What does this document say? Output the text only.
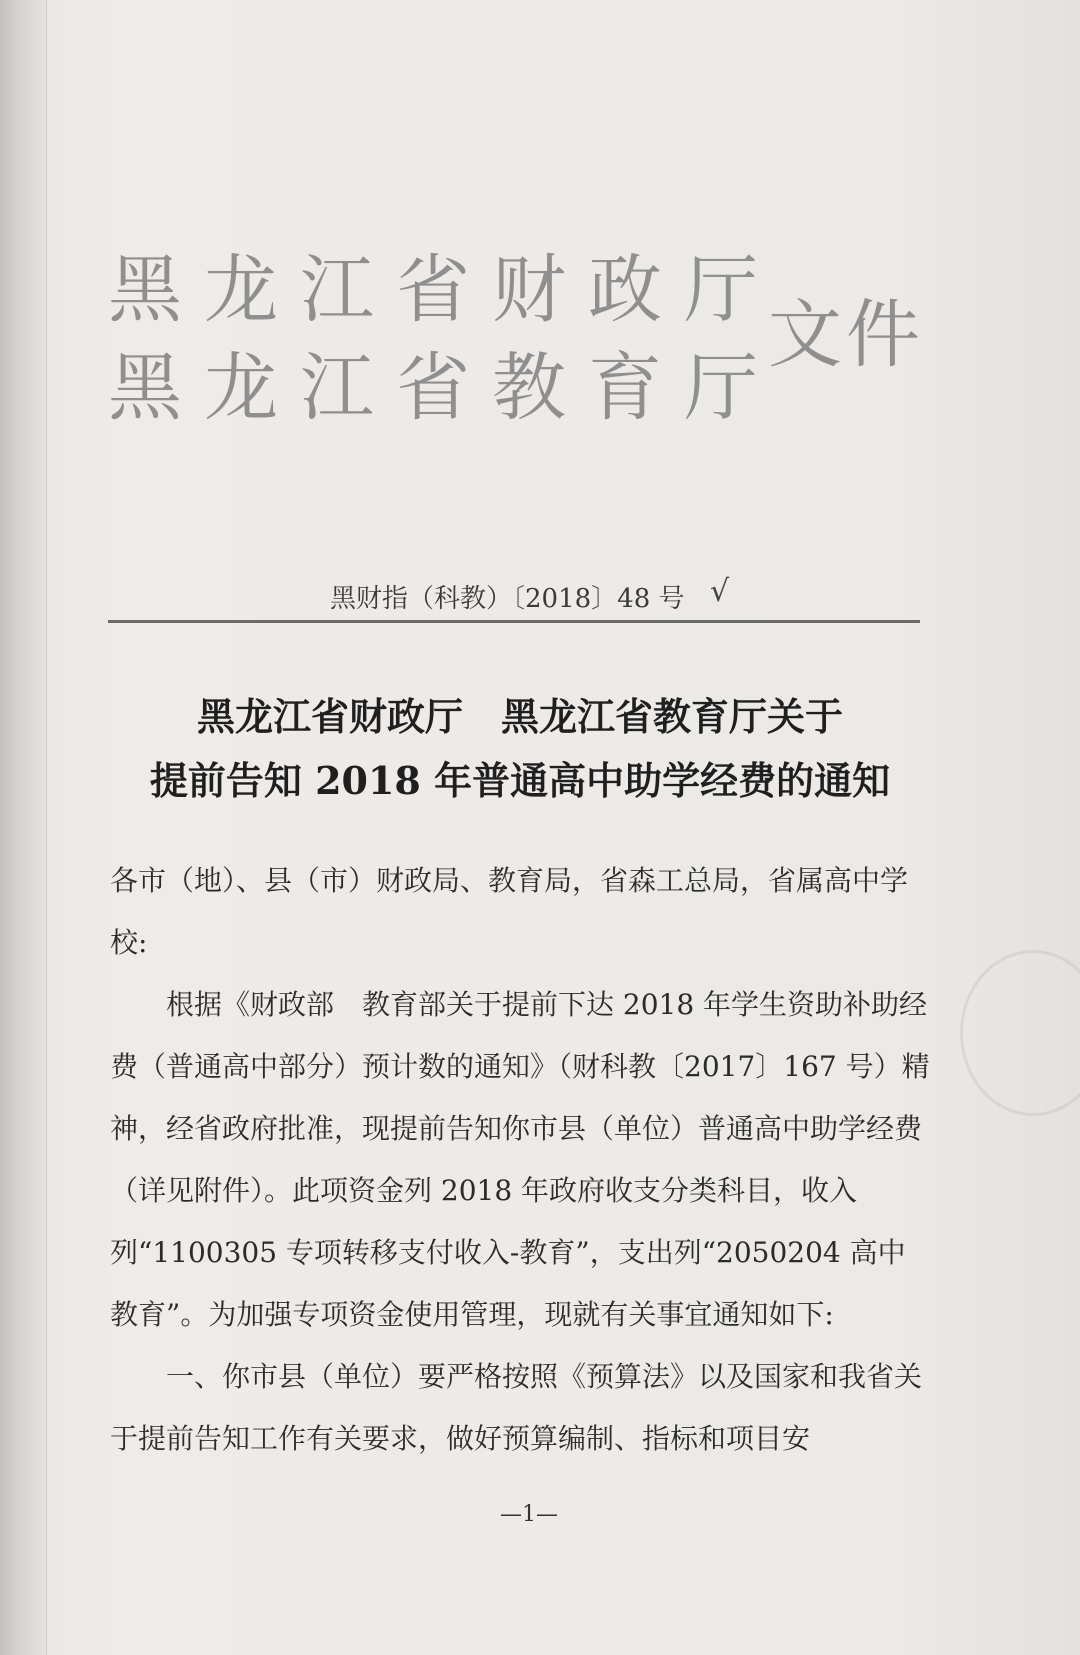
黑龙江省财政厅
黑龙江省教育厅
文件
黑财指（科教）〔2018〕48 号 √
黑龙江省财政厅　黑龙江省教育厅关于
提前告知 2018 年普通高中助学经费的通知

各市（地）、县（市）财政局、教育局，省森工总局，省属高中学校:

根据《财政部　教育部关于提前下达 2018 年学生资助补助经费（普通高中部分）预计数的通知》（财科教〔2017〕167 号）精神，经省政府批准，现提前告知你市县（单位）普通高中助学经费（详见附件）。此项资金列 2018 年政府收支分类科目，收入列“1100305 专项转移支付收入-教育”，支出列“2050204 高中教育”。为加强专项资金使用管理，现就有关事宜通知如下:

一、你市县（单位）要严格按照《预算法》以及国家和我省关于提前告知工作有关要求，做好预算编制、指标和项目安

—1—
